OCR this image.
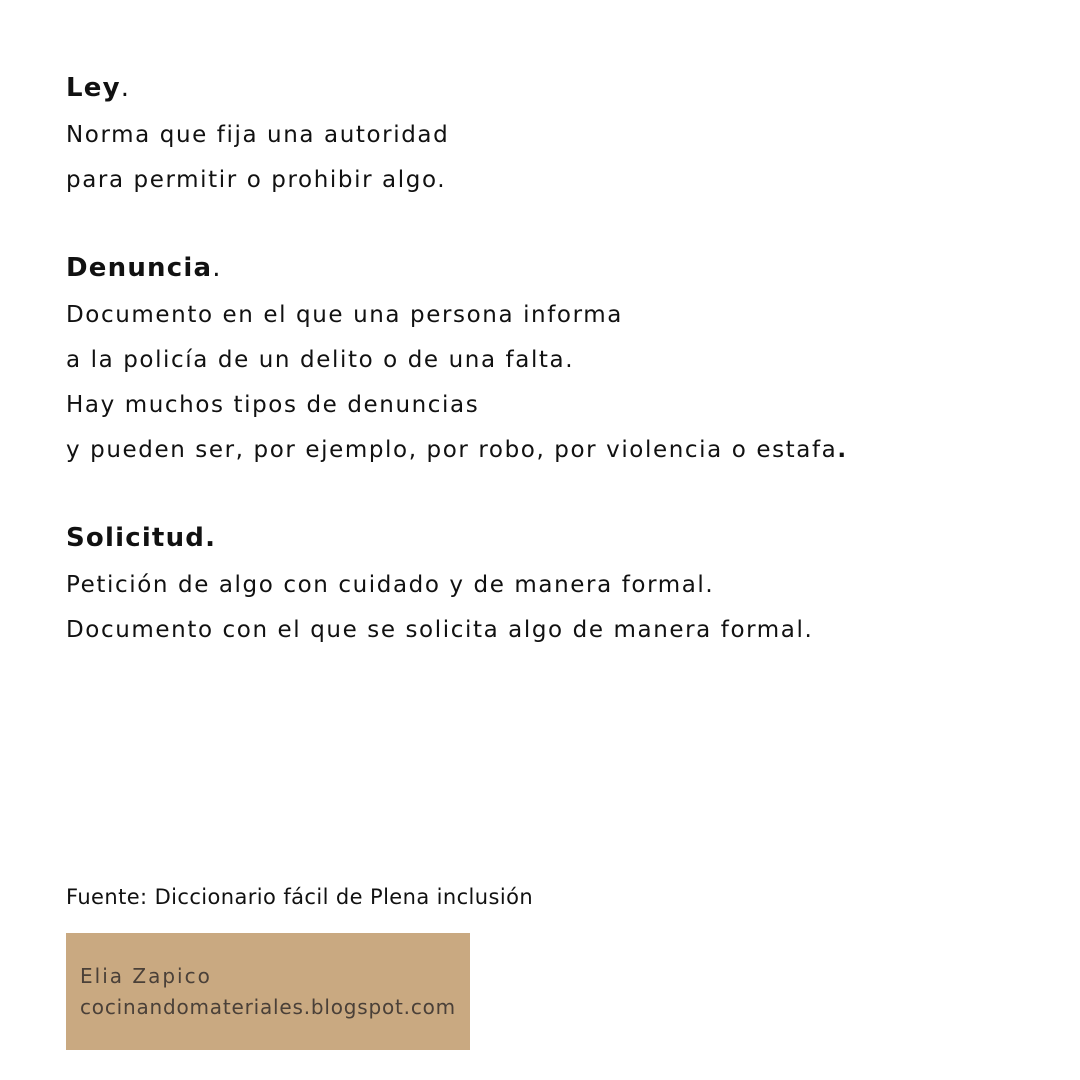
Ley.
Norma que fija una autoridad
para permitir o prohibir algo.
Denuncia.
Documento en el que una persona informa
a la policía de un delito o de una falta.
Hay muchos tipos de denuncias
y pueden ser, por ejemplo, por robo, por violencia o estafa.
Solicitud.
Petición de algo con cuidado y de manera formal.
Documento con el que se solicita algo de manera formal.
Fuente: Diccionario fácil de Plena inclusión
Elia Zapico
cocinandomateriales.blogspot.com
